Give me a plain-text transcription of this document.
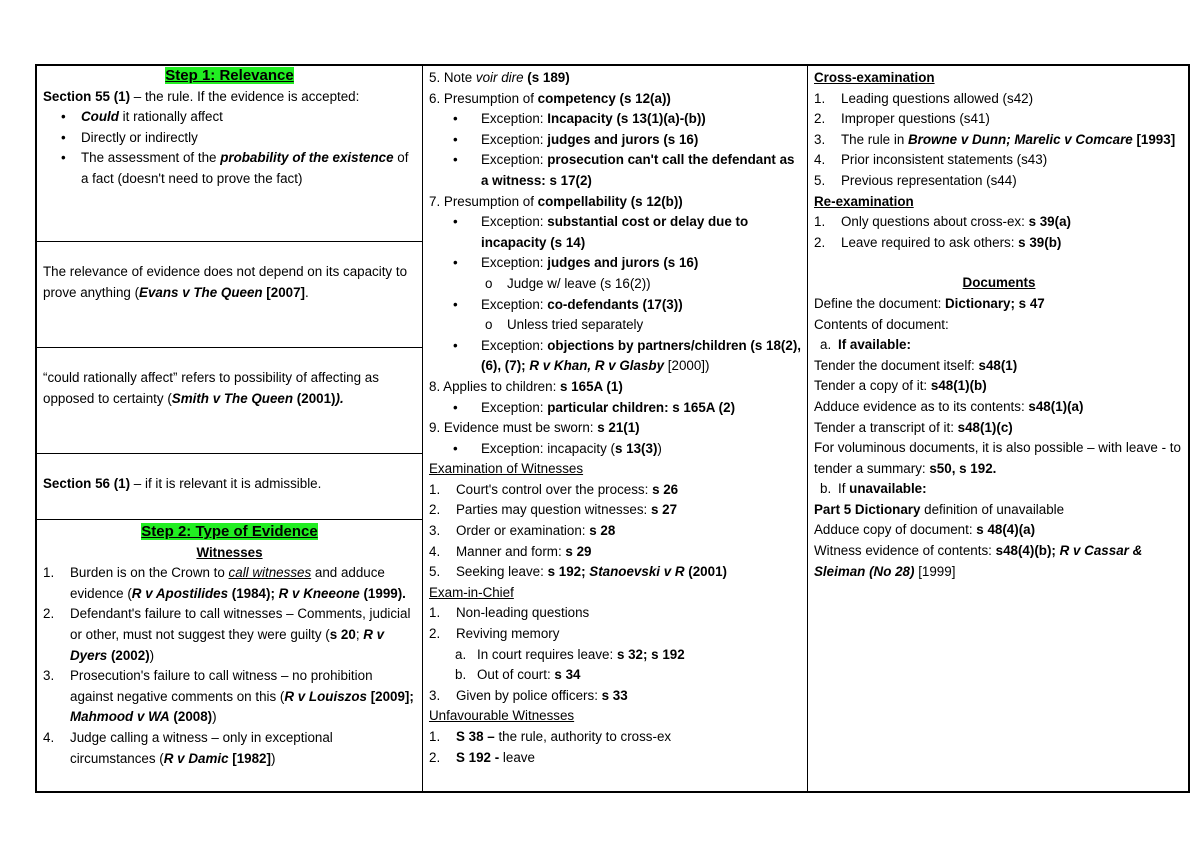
Step 1: Relevance
Section 55 (1) – the rule. If the evidence is accepted:
•	Could it rationally affect
•	Directly or indirectly
•	The assessment of the probability of the existence of a fact (doesn't need to prove the fact)
The relevance of evidence does not depend on its capacity to prove anything (Evans v The Queen [2007].
“could rationally affect” refers to possibility of affecting as opposed to certainty (Smith v The Queen (2001)).
Section 56 (1) – if it is relevant it is admissible.
Step 2: Type of Evidence
Witnesses
1.	Burden is on the Crown to call witnesses and adduce evidence (R v Apostilides (1984); R v Kneeone (1999).
2.	Defendant's failure to call witnesses – Comments, judicial or other, must not suggest they were guilty (s 20; R v Dyers (2002))
3.	Prosecution's failure to call witness – no prohibition against negative comments on this (R v Louiszos [2009]; Mahmood v WA (2008))
4.	Judge calling a witness – only in exceptional circumstances (R v Damic [1982])
5. Note voir dire (s 189)
6. Presumption of competency (s 12(a))
•	Exception: Incapacity (s 13(1)(a)-(b))
•	Exception: judges and jurors (s 16)
•	Exception: prosecution can't call the defendant as a witness: s 17(2)
7. Presumption of compellability (s 12(b))
•	Exception: substantial cost or delay due to incapacity (s 14)
•	Exception: judges and jurors (s 16)
o	Judge w/ leave (s 16(2))
•	Exception: co-defendants (17(3))
o	Unless tried separately
•	Exception: objections by partners/children (s 18(2), (6), (7); R v Khan, R v Glasby [2000])
8. Applies to children: s 165A (1)
•	Exception: particular children: s 165A (2)
9. Evidence must be sworn: s 21(1)
•	Exception: incapacity (s 13(3))
Examination of Witnesses
1.	Court's control over the process: s 26
2.	Parties may question witnesses: s 27
3.	Order or examination: s 28
4.	Manner and form: s 29
5.	Seeking leave: s 192; Stanoevski v R (2001)
Exam-in-Chief
1.	Non-leading questions
2.	Reviving memory
a. In court requires leave: s 32; s 192
b. Out of court: s 34
3.	Given by police officers: s 33
Unfavourable Witnesses
1.	S 38 – the rule, authority to cross-ex
2.	S 192 - leave
Cross-examination
1.	Leading questions allowed (s42)
2.	Improper questions (s41)
3.	The rule in Browne v Dunn; Marelic v Comcare [1993]
4.	Prior inconsistent statements (s43)
5.	Previous representation (s44)
Re-examination
1.	Only questions about cross-ex: s 39(a)
2.	Leave required to ask others: s 39(b)
Documents
Define the document: Dictionary; s 47
Contents of document:
a. If available:
Tender the document itself: s48(1)
Tender a copy of it: s48(1)(b)
Adduce evidence as to its contents: s48(1)(a)
Tender a transcript of it: s48(1)(c)
For voluminous documents, it is also possible – with leave - to tender a summary: s50, s 192.
b. If unavailable:
Part 5 Dictionary definition of unavailable
Adduce copy of document: s 48(4)(a)
Witness evidence of contents: s48(4)(b); R v Cassar & Sleiman (No 28) [1999]
